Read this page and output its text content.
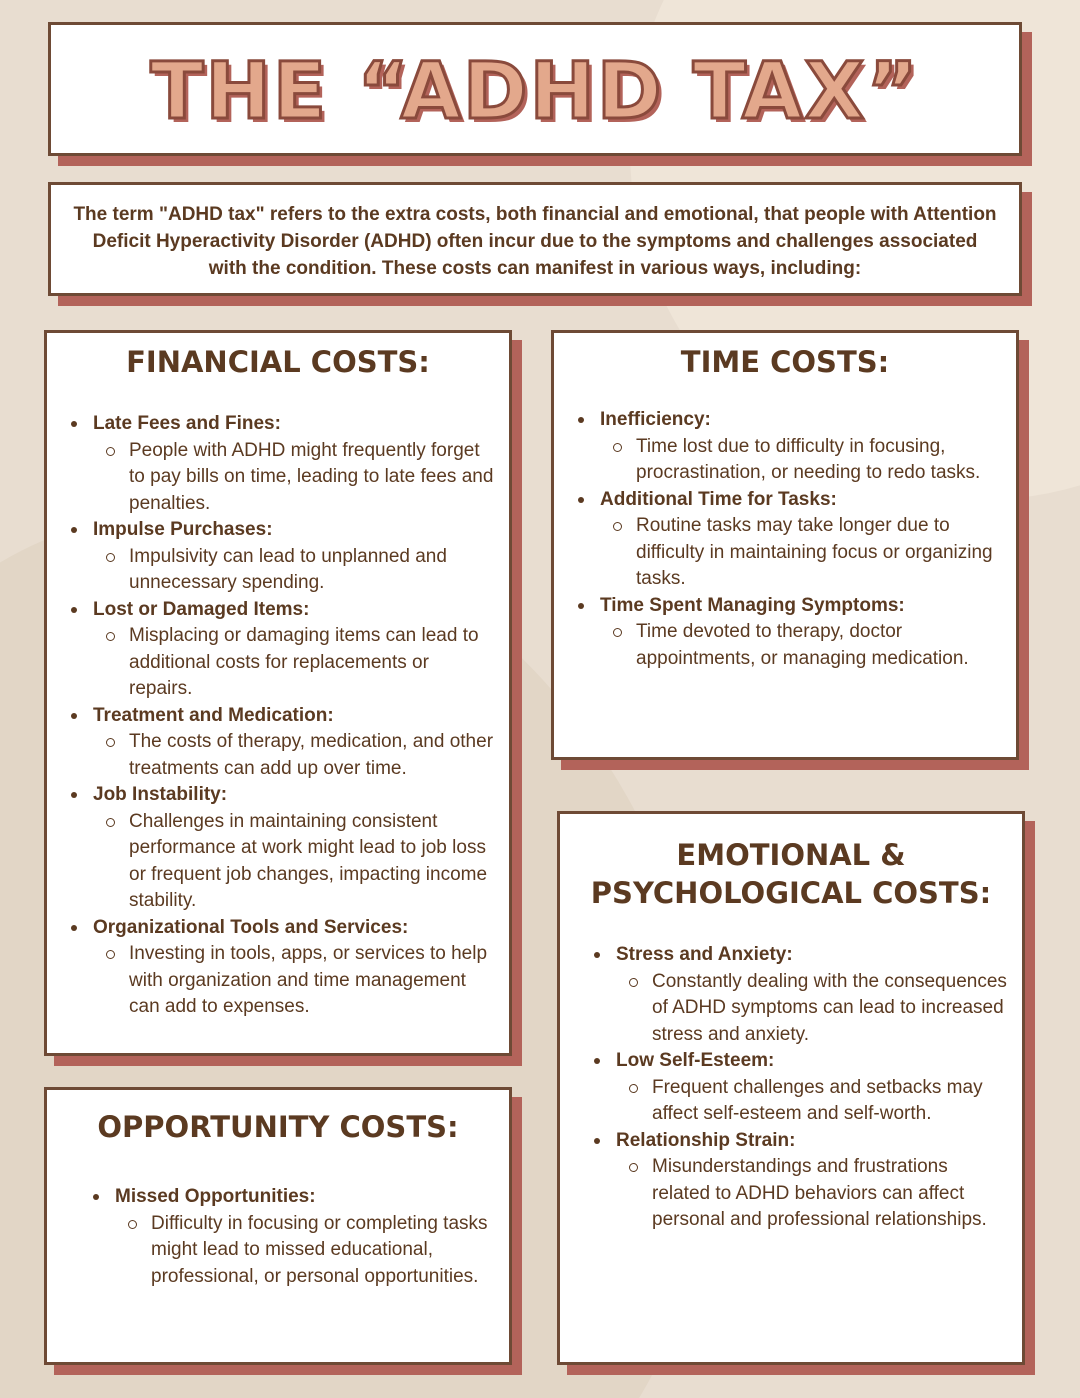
THE “ADHD TAX”
The term "ADHD tax" refers to the extra costs, both financial and emotional, that people with Attention Deficit Hyperactivity Disorder (ADHD) often incur due to the symptoms and challenges associated with the condition. These costs can manifest in various ways, including:
FINANCIAL COSTS:
Late Fees and Fines:
People with ADHD might frequently forget to pay bills on time, leading to late fees and penalties.
Impulse Purchases:
Impulsivity can lead to unplanned and unnecessary spending.
Lost or Damaged Items:
Misplacing or damaging items can lead to additional costs for replacements or repairs.
Treatment and Medication:
The costs of therapy, medication, and other treatments can add up over time.
Job Instability:
Challenges in maintaining consistent performance at work might lead to job loss or frequent job changes, impacting income stability.
Organizational Tools and Services:
Investing in tools, apps, or services to help with organization and time management can add to expenses.
TIME COSTS:
Inefficiency:
Time lost due to difficulty in focusing, procrastination, or needing to redo tasks.
Additional Time for Tasks:
Routine tasks may take longer due to difficulty in maintaining focus or organizing tasks.
Time Spent Managing Symptoms:
Time devoted to therapy, doctor appointments, or managing medication.
OPPORTUNITY COSTS:
Missed Opportunities:
Difficulty in focusing or completing tasks might lead to missed educational, professional, or personal opportunities.
EMOTIONAL &
PSYCHOLOGICAL COSTS:
Stress and Anxiety:
Constantly dealing with the consequences of ADHD symptoms can lead to increased stress and anxiety.
Low Self-Esteem:
Frequent challenges and setbacks may affect self-esteem and self-worth.
Relationship Strain:
Misunderstandings and frustrations related to ADHD behaviors can affect personal and professional relationships.
